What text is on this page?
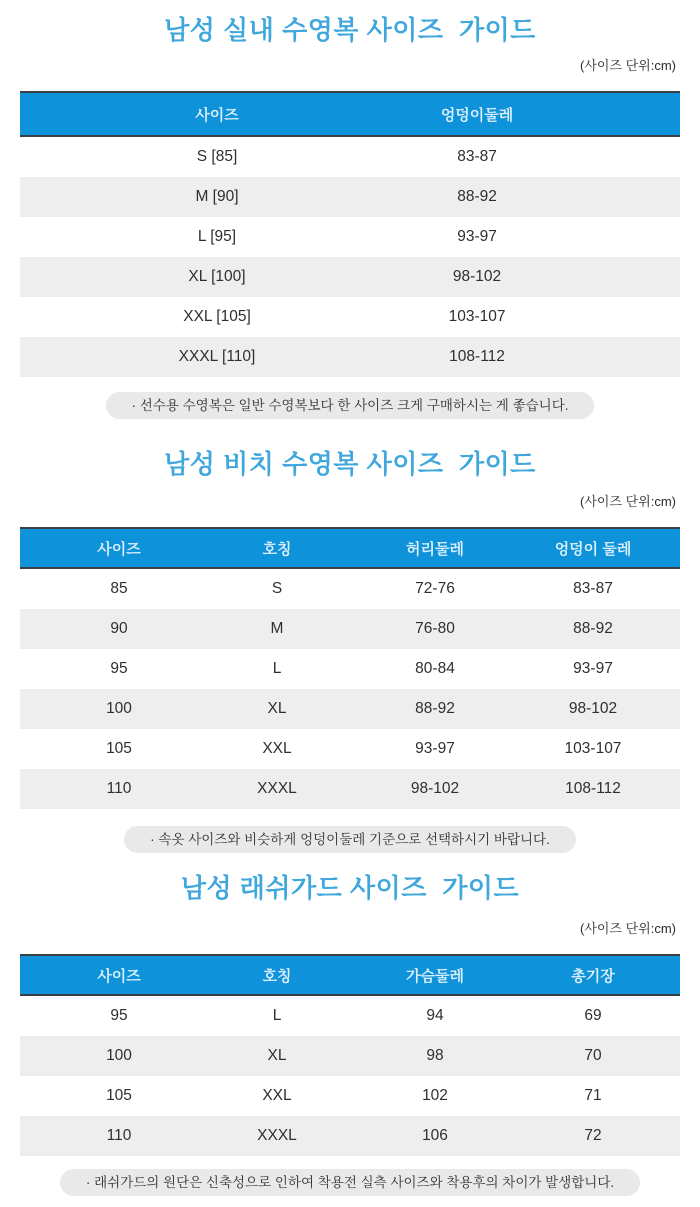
남성 실내 수영복 사이즈  가이드
(사이즈 단위:cm)
사이즈	엉덩이둘레
S [85]	83-87
M [90]	88-92
L [95]	93-97
XL [100]	98-102
XXL [105]	103-107
XXXL [110]	108-112
· 선수용 수영복은 일반 수영복보다 한 사이즈 크게 구매하시는 게 좋습니다.
남성 비치 수영복 사이즈  가이드
(사이즈 단위:cm)
사이즈	호칭	허리둘레	엉덩이 둘레
85	S	72-76	83-87
90	M	76-80	88-92
95	L	80-84	93-97
100	XL	88-92	98-102
105	XXL	93-97	103-107
110	XXXL	98-102	108-112
· 속옷 사이즈와 비슷하게 엉덩이둘레 기준으로 선택하시기 바랍니다.
남성 래쉬가드 사이즈  가이드
(사이즈 단위:cm)
사이즈	호칭	가슴둘레	총기장
95	L	94	69
100	XL	98	70
105	XXL	102	71
110	XXXL	106	72
· 래쉬가드의 원단은 신축성으로 인하여 착용전 실측 사이즈와 착용후의 차이가 발생합니다.
